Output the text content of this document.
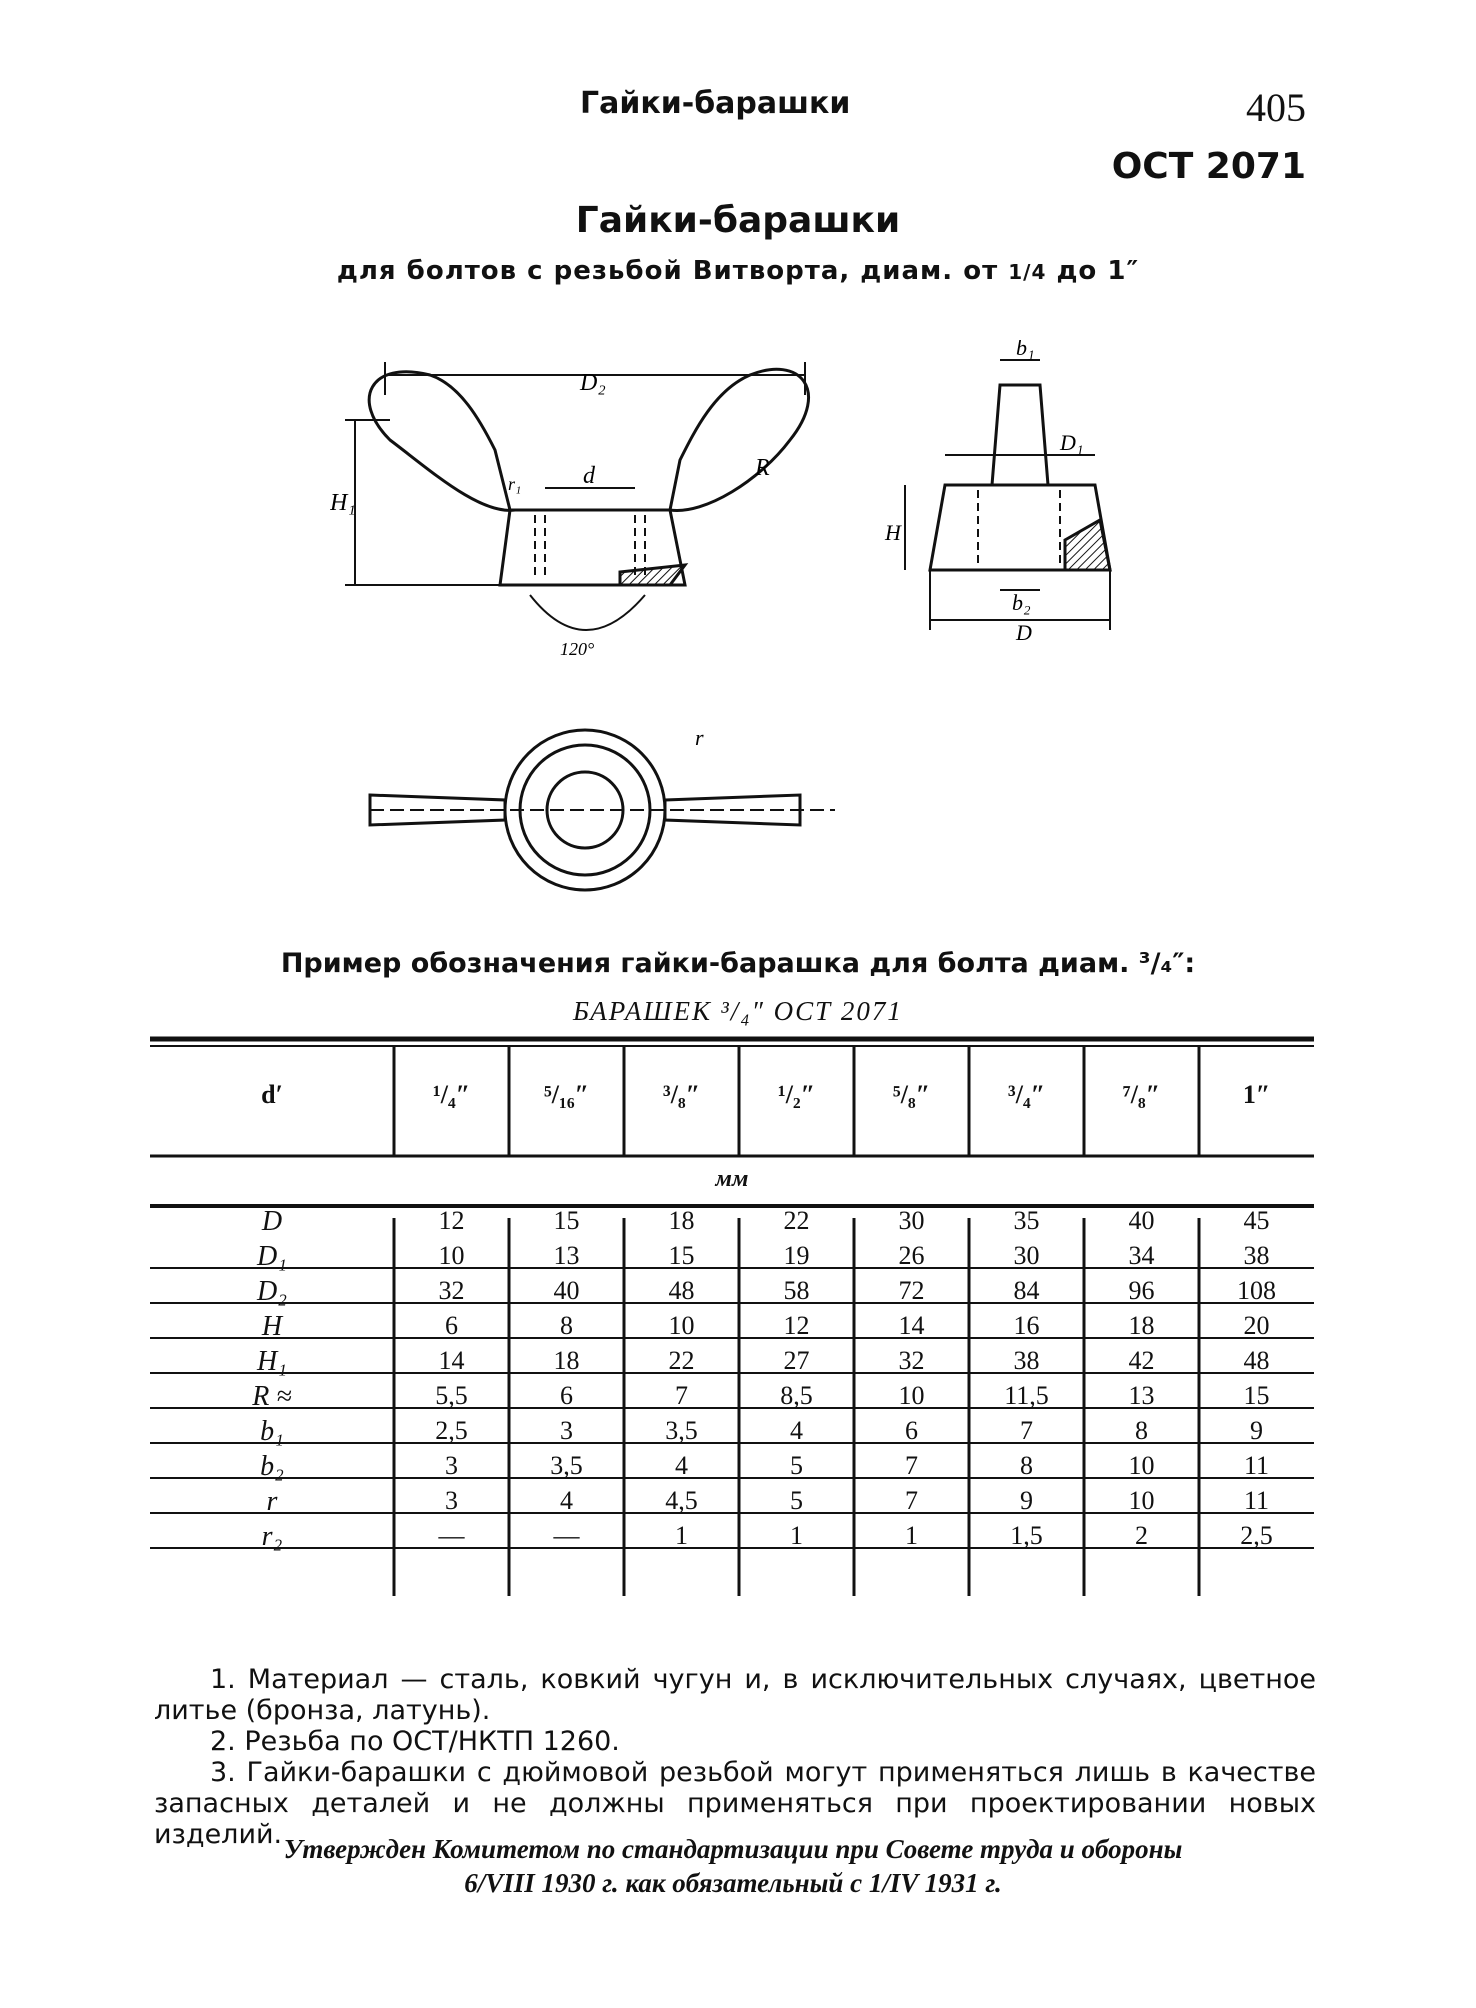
Гайки-барашки	405
ОСТ 2071
Гайки-барашки
для болтов с резьбой Витворта, диам. от 1/4 до 1″
D₂
H₁
d	R
r₁
120°
b₁
D₁
H
b₂
D
r
Пример обозначения гайки-барашка для болта диам. ³/₄″:
БАРАШЕК ³/₄″ ОСТ 2071
d′	¹/₄″	⁵/₁₆″	³/₈″	¹/₂″	⁵/₈″	³/₄″	⁷/₈″	1″
мм
D	12	15	18	22	30	35	40	45
D₁	10	13	15	19	26	30	34	38
D₂	32	40	48	58	72	84	96	108
H	6	8	10	12	14	16	18	20
H₁	14	18	22	27	32	38	42	48
R ≈	5,5	6	7	8,5	10	11,5	13	15
b₁	2,5	3	3,5	4	6	7	8	9
b₂	3	3,5	4	5	7	8	10	11
r	3	4	4,5	5	7	9	10	11
r₂	—	—	1	1	1	1,5	2	2,5

1. Материал — сталь, ковкий чугун и, в исключительных случаях, цветное литье (бронза, латунь).

2. Резьба по ОСТ/НКТП 1260.

3. Гайки-барашки с дюймовой резьбой могут применяться лишь в качестве запасных деталей и не должны применяться при проектировании новых изделий. Утвержден Комитетом по стандартизации при Совете труда и обороны
6/VIII 1930 г. как обязательный с 1/IV 1931 г.
